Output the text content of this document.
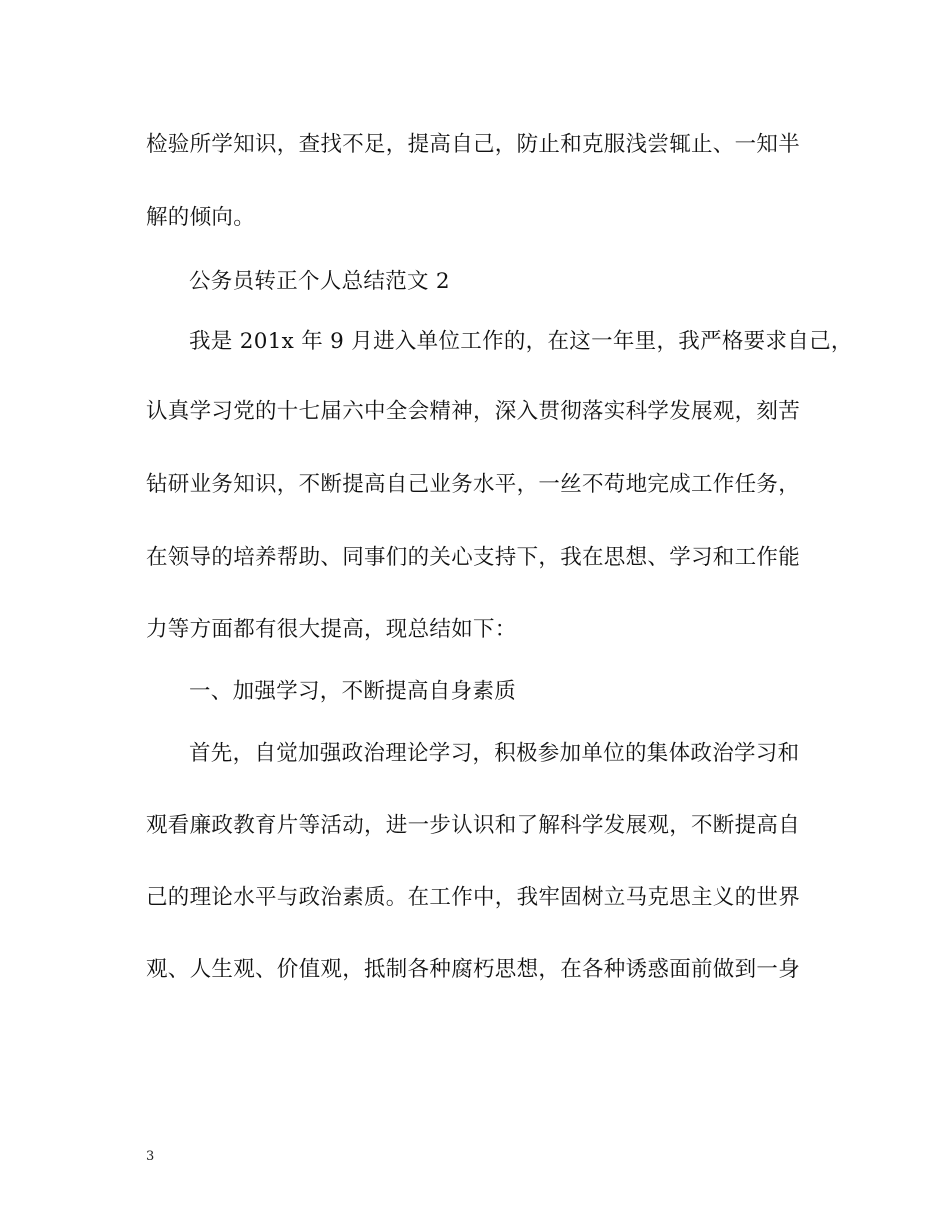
检验所学知识，查找不足，提高自己，防止和克服浅尝辄止、一知半
解的倾向。
公务员转正个人总结范文 2
我是 201x 年 9 月进入单位工作的，在这一年里，我严格要求自己，
认真学习党的十七届六中全会精神，深入贯彻落实科学发展观，刻苦
钻研业务知识，不断提高自己业务水平，一丝不苟地完成工作任务，
在领导的培养帮助、同事们的关心支持下，我在思想、学习和工作能
力等方面都有很大提高，现总结如下：
一、加强学习，不断提高自身素质
首先，自觉加强政治理论学习，积极参加单位的集体政治学习和
观看廉政教育片等活动，进一步认识和了解科学发展观，不断提高自
己的理论水平与政治素质。在工作中，我牢固树立马克思主义的世界
观、人生观、价值观，抵制各种腐朽思想，在各种诱惑面前做到一身
3
